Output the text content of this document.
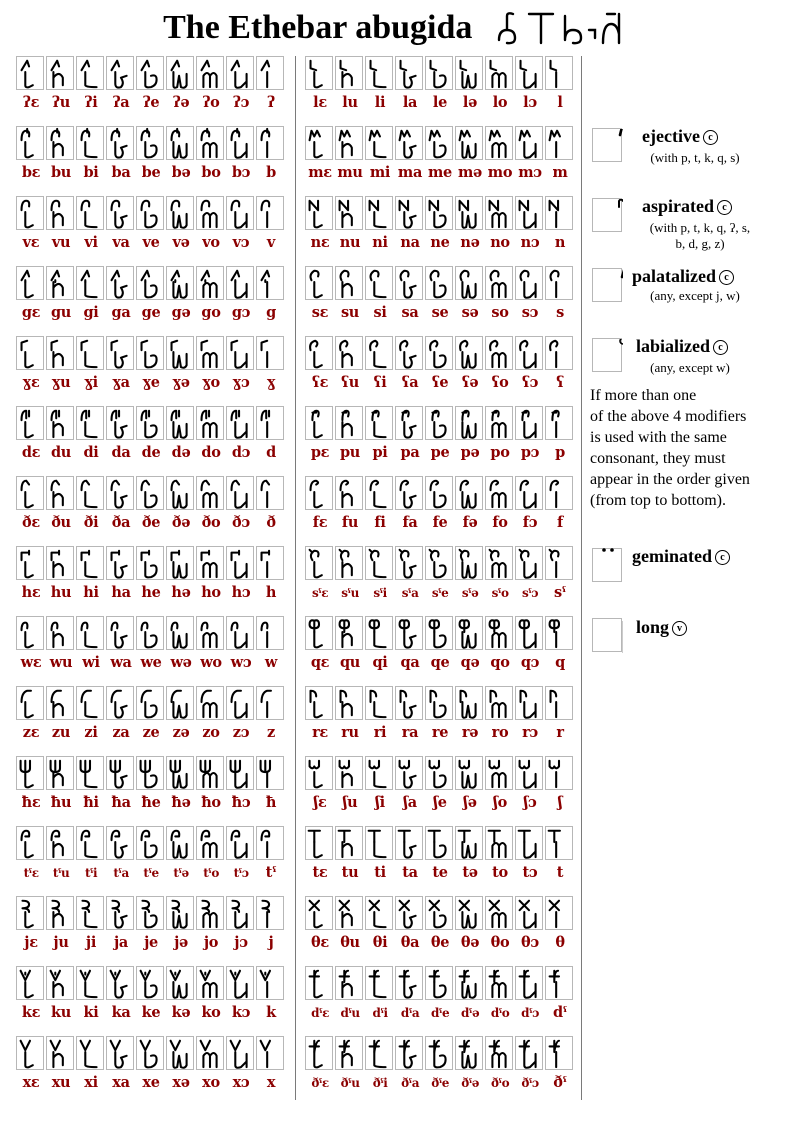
The Ethebar abugida
ʔɛ ʔu	ʔi	ʔa ʔe ʔə ʔo ʔɔ	ʔ
bɛ bu bi ba be bə bo bɔ	b
vɛ vu vi	va ve və vo vɔ	v
gɛ gu gi ga ge gə go gɔ	g
ɣɛ ɣu ɣi ɣa ɣe ɣə ɣo ɣɔ	ɣ
dɛ du di da de də do dɔ	d
ðɛ ðu ði ða ðe ðə ðo ðɔ	ð
hɛ hu hi ha he hə ho hɔ	h
wɛ wu wi wa we wə wo wɔ w
zɛ zu zi	za ze zə zo zɔ	z
ħɛ ħu ħi ħa ħe ħə ħo ħɔ	ħ
tˤɛ	tˤu	tˤi	tˤa	tˤe	tˤə	tˤo	tˤɔ	tˤ
jɛ	ju	ji	ja	je	jə	jo	jɔ	j
kɛ ku ki ka ke kə ko kɔ	k
xɛ xu xi xa xe xə xo xɔ	x
lɛ	lu	li	la	le	lə	lo	lɔ	l
mɛ mu mi ma me mə mo mɔ m
nɛ nu ni na ne nə no nɔ	n
sɛ su si	sa se sə so sɔ	s
ʕɛ ʕu	ʕi	ʕa ʕe ʕə ʕo ʕɔ	ʕ
pɛ pu pi pa pe pə po pɔ	p
fɛ	fu	fi	fa	fe	fə	fo	fɔ	f
sˤɛ	sˤu	sˤi	sˤa	sˤe	sˤə	sˤo	sˤɔ	sˤ
qɛ qu qi qa qe qə qo qɔ	q
rɛ ru	ri	ra re rə ro rɔ	r
ʃɛ	ʃu	ʃi	ʃa	ʃe	ʃə	ʃo	ʃɔ	ʃ
tɛ tu	ti	ta	te	tə to	tɔ	t
θɛ θu θi θa θe θə θo θɔ	θ
dˤɛ dˤu	dˤi	dˤa dˤe	dˤə dˤo dˤɔ dˤ
ðˤɛ	ðˤu	ðˤi	ðˤa	ðˤe	ðˤə	ðˤo	ðˤɔ	ðˤ
ejective c
(with p, t, k, q, s)
aspirated c
(with p, t, k, q, ʔ, s,
b, d, g, z)
palatalized c
(any, except j, w)
labialized c
(any, except w)
If more than one
of the above 4 modifiers
is used with the same
consonant, they must
appear in the order given
(from top to bottom).
geminated c
long v
